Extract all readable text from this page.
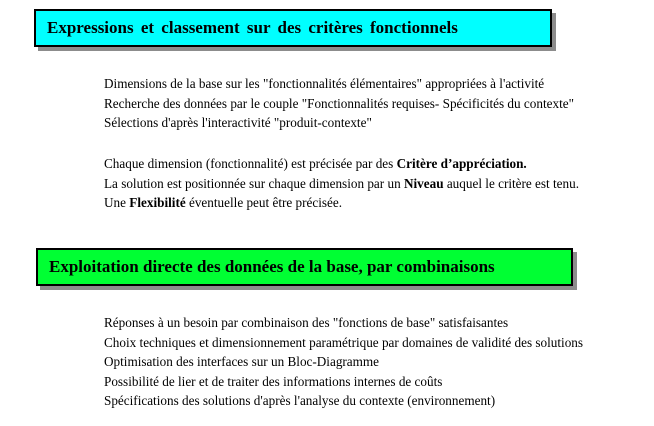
Expressions et classement sur des critères fonctionnels
Dimensions de la base sur les "fonctionnalités élémentaires" appropriées à l'activité
Recherche des données par le couple "Fonctionnalités requises- Spécificités du contexte"
Sélections d'après l'interactivité "produit-contexte"
Chaque dimension (fonctionnalité) est précisée par des Critère d’appréciation.
La solution est positionnée sur chaque dimension par un Niveau auquel le critère est tenu.
Une Flexibilité éventuelle peut être précisée.
Exploitation directe des données de la base, par combinaisons
Réponses à un besoin par combinaison des "fonctions de base" satisfaisantes
Choix techniques et dimensionnement paramétrique par domaines de validité des solutions
Optimisation des interfaces sur un Bloc-Diagramme
Possibilité de lier et de traiter des informations internes de coûts
Spécifications des solutions d'après l'analyse du contexte (environnement)
